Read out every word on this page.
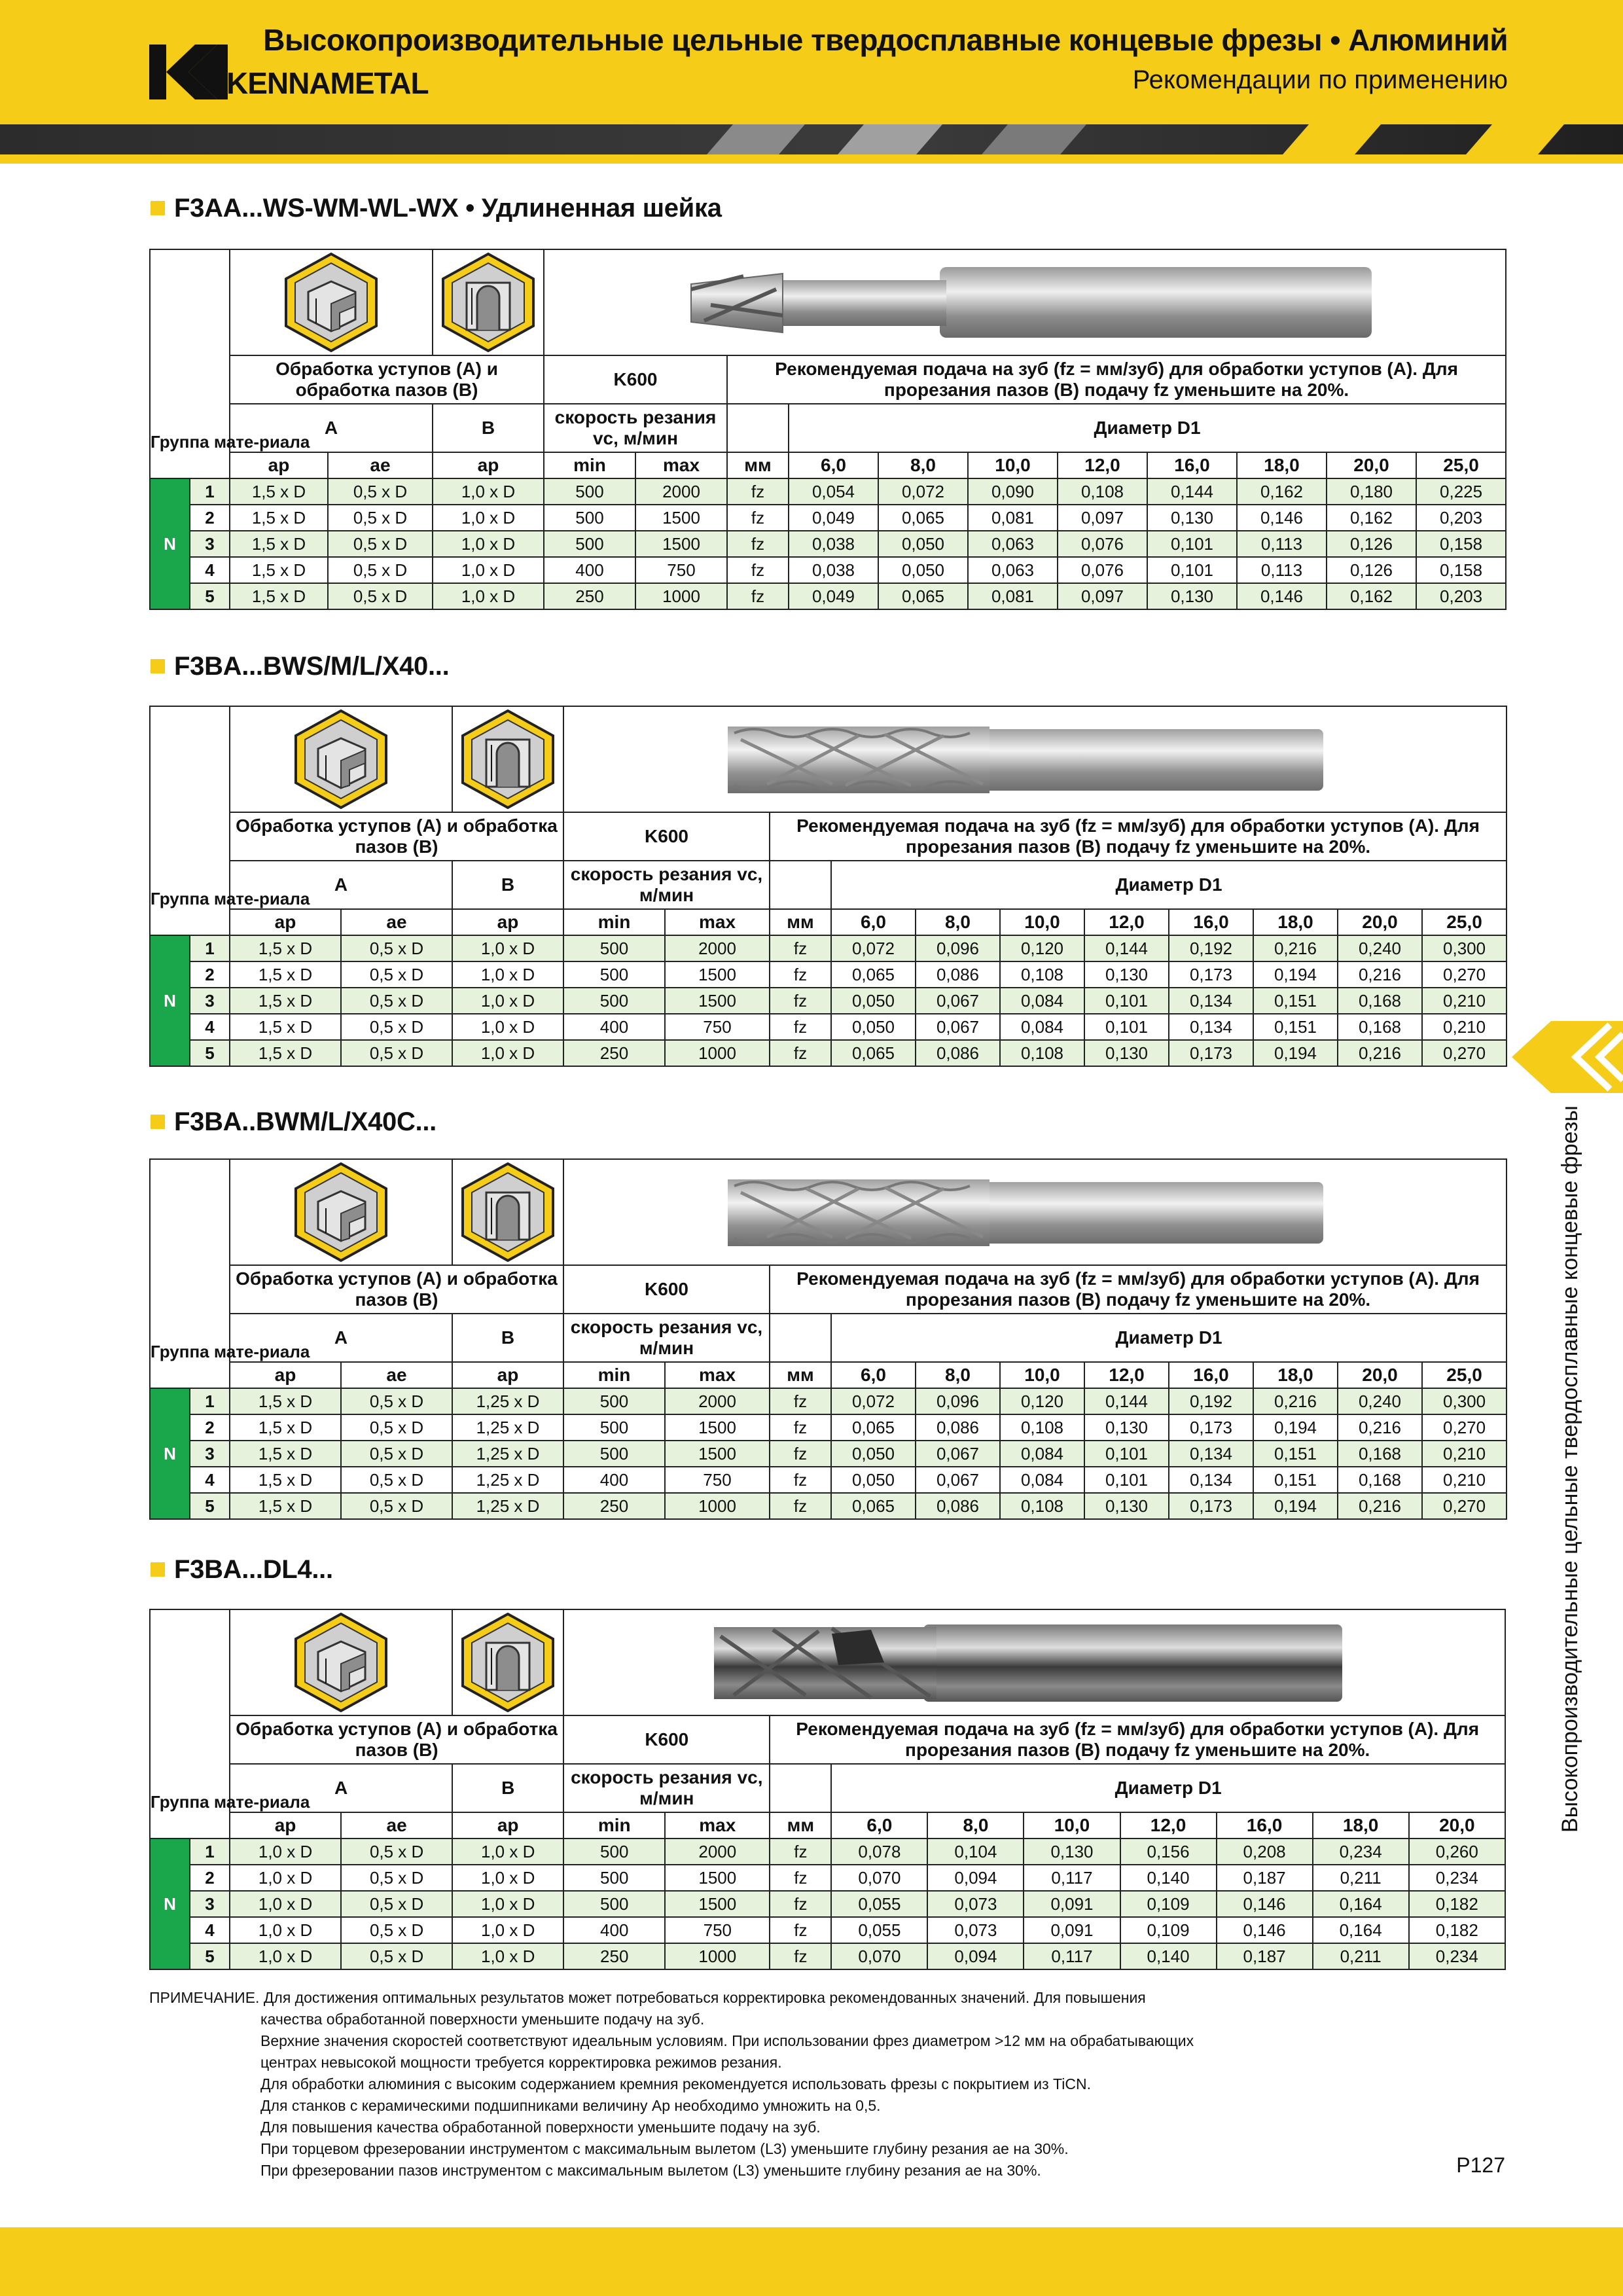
KENNAMETAL
Высокопроизводительные цельные твердосплавные концевые фрезы • Алюминий
Рекомендации по применению
F3AA...WS-WM-WL-WX • Удлиненная шейка
Группа мате-риала	

		Обработка уступов (A) и обработка пазов (B)			K600		Рекомендуемая подача на зуб (fz = мм/зуб) для обработки уступов (A). Для прорезания пазов (B) подачу fz уменьшите на 20%.								
		A		B	скорость резания vc, м/мин			Диаметр D1							
		ap	ae	ap	min	max	мм	6,0	8,0	10,0	12,0	16,0	18,0	20,0	25,0
N	1	1,5 x D	0,5 x D	1,0 x D	500	2000	fz	0,054	0,072	0,090	0,108	0,144	0,162	0,180	0,225
	2	1,5 x D	0,5 x D	1,0 x D	500	1500	fz	0,049	0,065	0,081	0,097	0,130	0,146	0,162	0,203
	3	1,5 x D	0,5 x D	1,0 x D	500	1500	fz	0,038	0,050	0,063	0,076	0,101	0,113	0,126	0,158
	4	1,5 x D	0,5 x D	1,0 x D	400	750	fz	0,038	0,050	0,063	0,076	0,101	0,113	0,126	0,158
	5	1,5 x D	0,5 x D	1,0 x D	250	1000	fz	0,049	0,065	0,081	0,097	0,130	0,146	0,162	0,203
F3BA...BWS/M/L/X40...
Группа мате-риала	

		Обработка уступов (A) и обработка пазов (B)			K600		Рекомендуемая подача на зуб (fz = мм/зуб) для обработки уступов (A). Для прорезания пазов (B) подачу fz уменьшите на 20%.								
		A		B	скорость резания vc, м/мин			Диаметр D1							
		ap	ae	ap	min	max	мм	6,0	8,0	10,0	12,0	16,0	18,0	20,0	25,0
N	1	1,5 x D	0,5 x D	1,0 x D	500	2000	fz	0,072	0,096	0,120	0,144	0,192	0,216	0,240	0,300
	2	1,5 x D	0,5 x D	1,0 x D	500	1500	fz	0,065	0,086	0,108	0,130	0,173	0,194	0,216	0,270
	3	1,5 x D	0,5 x D	1,0 x D	500	1500	fz	0,050	0,067	0,084	0,101	0,134	0,151	0,168	0,210
	4	1,5 x D	0,5 x D	1,0 x D	400	750	fz	0,050	0,067	0,084	0,101	0,134	0,151	0,168	0,210
	5	1,5 x D	0,5 x D	1,0 x D	250	1000	fz	0,065	0,086	0,108	0,130	0,173	0,194	0,216	0,270
F3BA..BWM/L/X40C...
Группа мате-риала	

		Обработка уступов (A) и обработка пазов (B)			K600		Рекомендуемая подача на зуб (fz = мм/зуб) для обработки уступов (A). Для прорезания пазов (B) подачу fz уменьшите на 20%.								
		A		B	скорость резания vc, м/мин			Диаметр D1							
		ap	ae	ap	min	max	мм	6,0	8,0	10,0	12,0	16,0	18,0	20,0	25,0
N	1	1,5 x D	0,5 x D	1,25 x D	500	2000	fz	0,072	0,096	0,120	0,144	0,192	0,216	0,240	0,300
	2	1,5 x D	0,5 x D	1,25 x D	500	1500	fz	0,065	0,086	0,108	0,130	0,173	0,194	0,216	0,270
	3	1,5 x D	0,5 x D	1,25 x D	500	1500	fz	0,050	0,067	0,084	0,101	0,134	0,151	0,168	0,210
	4	1,5 x D	0,5 x D	1,25 x D	400	750	fz	0,050	0,067	0,084	0,101	0,134	0,151	0,168	0,210
	5	1,5 x D	0,5 x D	1,25 x D	250	1000	fz	0,065	0,086	0,108	0,130	0,173	0,194	0,216	0,270
F3BA...DL4...
Группа мате-риала	

		Обработка уступов (A) и обработка пазов (B)			K600		Рекомендуемая подача на зуб (fz = мм/зуб) для обработки уступов (A). Для прорезания пазов (B) подачу fz уменьшите на 20%.							
		A		B	скорость резания vc, м/мин			Диаметр D1						
		ap	ae	ap	min	max	мм	6,0	8,0	10,0	12,0	16,0	18,0	20,0
N	1	1,0 x D	0,5 x D	1,0 x D	500	2000	fz	0,078	0,104	0,130	0,156	0,208	0,234	0,260
	2	1,0 x D	0,5 x D	1,0 x D	500	1500	fz	0,070	0,094	0,117	0,140	0,187	0,211	0,234
	3	1,0 x D	0,5 x D	1,0 x D	500	1500	fz	0,055	0,073	0,091	0,109	0,146	0,164	0,182
	4	1,0 x D	0,5 x D	1,0 x D	400	750	fz	0,055	0,073	0,091	0,109	0,146	0,164	0,182
	5	1,0 x D	0,5 x D	1,0 x D	250	1000	fz	0,070	0,094	0,117	0,140	0,187	0,211	0,234
Высокопроизводительные цельные твердосплавные концевые фрезы
ПРИМЕЧАНИЕ. Для достижения оптимальных результатов может потребоваться корректировка рекомендованных значений. Для повышения
качества обработанной поверхности уменьшите подачу на зуб.
Верхние значения скоростей соответствуют идеальным условиям. При использовании фрез диаметром >12 мм на обрабатывающих
центрах невысокой мощности требуется корректировка режимов резания.
Для обработки алюминия с высоким содержанием кремния рекомендуется использовать фрезы с покрытием из TiCN.
Для станков с керамическими подшипниками величину Ap необходимо умножить на 0,5.
Для повышения качества обработанной поверхности уменьшите подачу на зуб.
При торцевом фрезеровании инструментом с максимальным вылетом (L3) уменьшите глубину резания ae на 30%.
При фрезеровании пазов инструментом с максимальным вылетом (L3) уменьшите глубину резания ae на 30%.	P127
